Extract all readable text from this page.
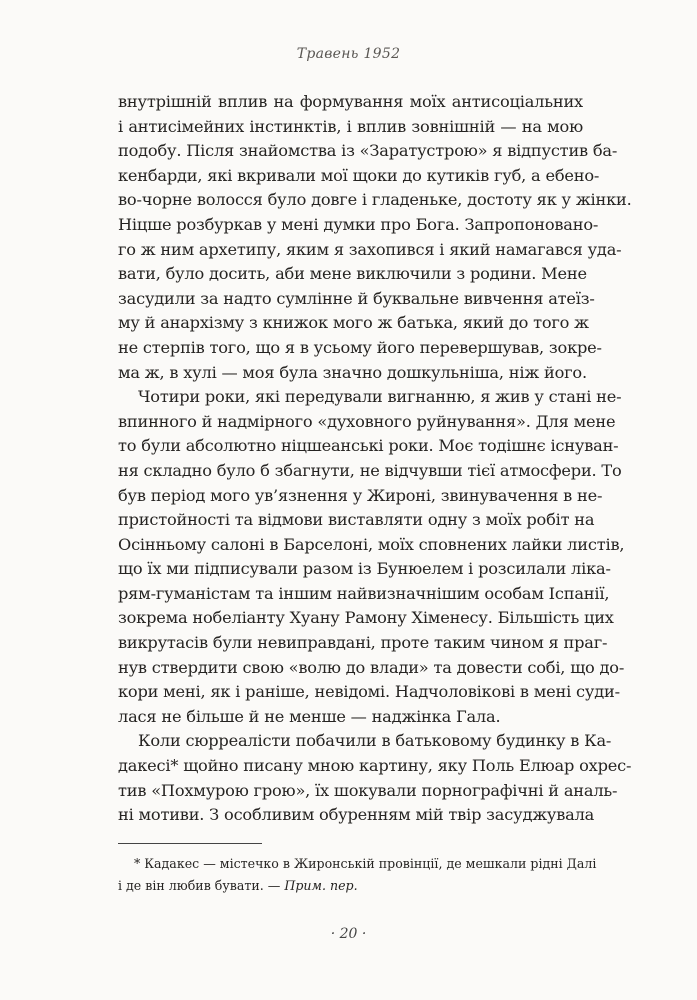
Травень 1952
внутрішній вплив на формування моїх антисоціальних
і антисімейних інстинктів, і вплив зовнішній — на мою
подобу. Після знайомства із «Заратустрою» я відпустив ба-
кенбарди, які вкривали мої щоки до кутиків губ, а ебено-
во-чорне волосся було довге і гладеньке, достоту як у жінки.
Ніцше розбуркав у мені думки про Бога. Запропоновано-
го ж ним архетипу, яким я захопився і який намагався уда-
вати, було досить, аби мене виключили з родини. Мене
засудили за надто сумлінне й буквальне вивчення атеїз-
му й анархізму з книжок мого ж батька, який до того ж
не стерпів того, що я в усьому його перевершував, зокре-
ма ж, в хулі — моя була значно дошкульніша, ніж його.
Чотири роки, які передували вигнанню, я жив у стані не-
впинного й надмірного «духовного руйнування». Для мене
то були абсолютно ніцшеанські роки. Моє тодішнє існуван-
ня складно було б збагнути, не відчувши тієї атмосфери. То
був період мого ув’язнення у Жироні, звинувачення в не-
пристойності та відмови виставляти одну з моїх робіт на
Осінньому салоні в Барселоні, моїх сповнених лайки листів,
що їх ми підписували разом із Бунюелем і розсилали ліка-
рям-гуманістам та іншим найвизначнішим особам Іспанії,
зокрема нобеліанту Хуану Рамону Хіменесу. Більшість цих
викрутасів були невиправдані, проте таким чином я праг-
нув ствердити свою «волю до влади» та довести собі, що до-
кори мені, як і раніше, невідомі. Надчоловікові в мені суди-
лася не більше й не менше — наджінка Гала.
Коли сюрреалісти побачили в батьковому будинку в Ка-
дакесі* щойно писану мною картину, яку Поль Елюар охрес-
тив «Похмурою грою», їх шокували порнографічні й аналь-
ні мотиви. З особливим обуренням мій твір засуджувала
* Кадакес — містечко в Жиронській провінції, де мешкали рідні Далі
і де він любив бувати. — Прим. пер.
· 20 ·
